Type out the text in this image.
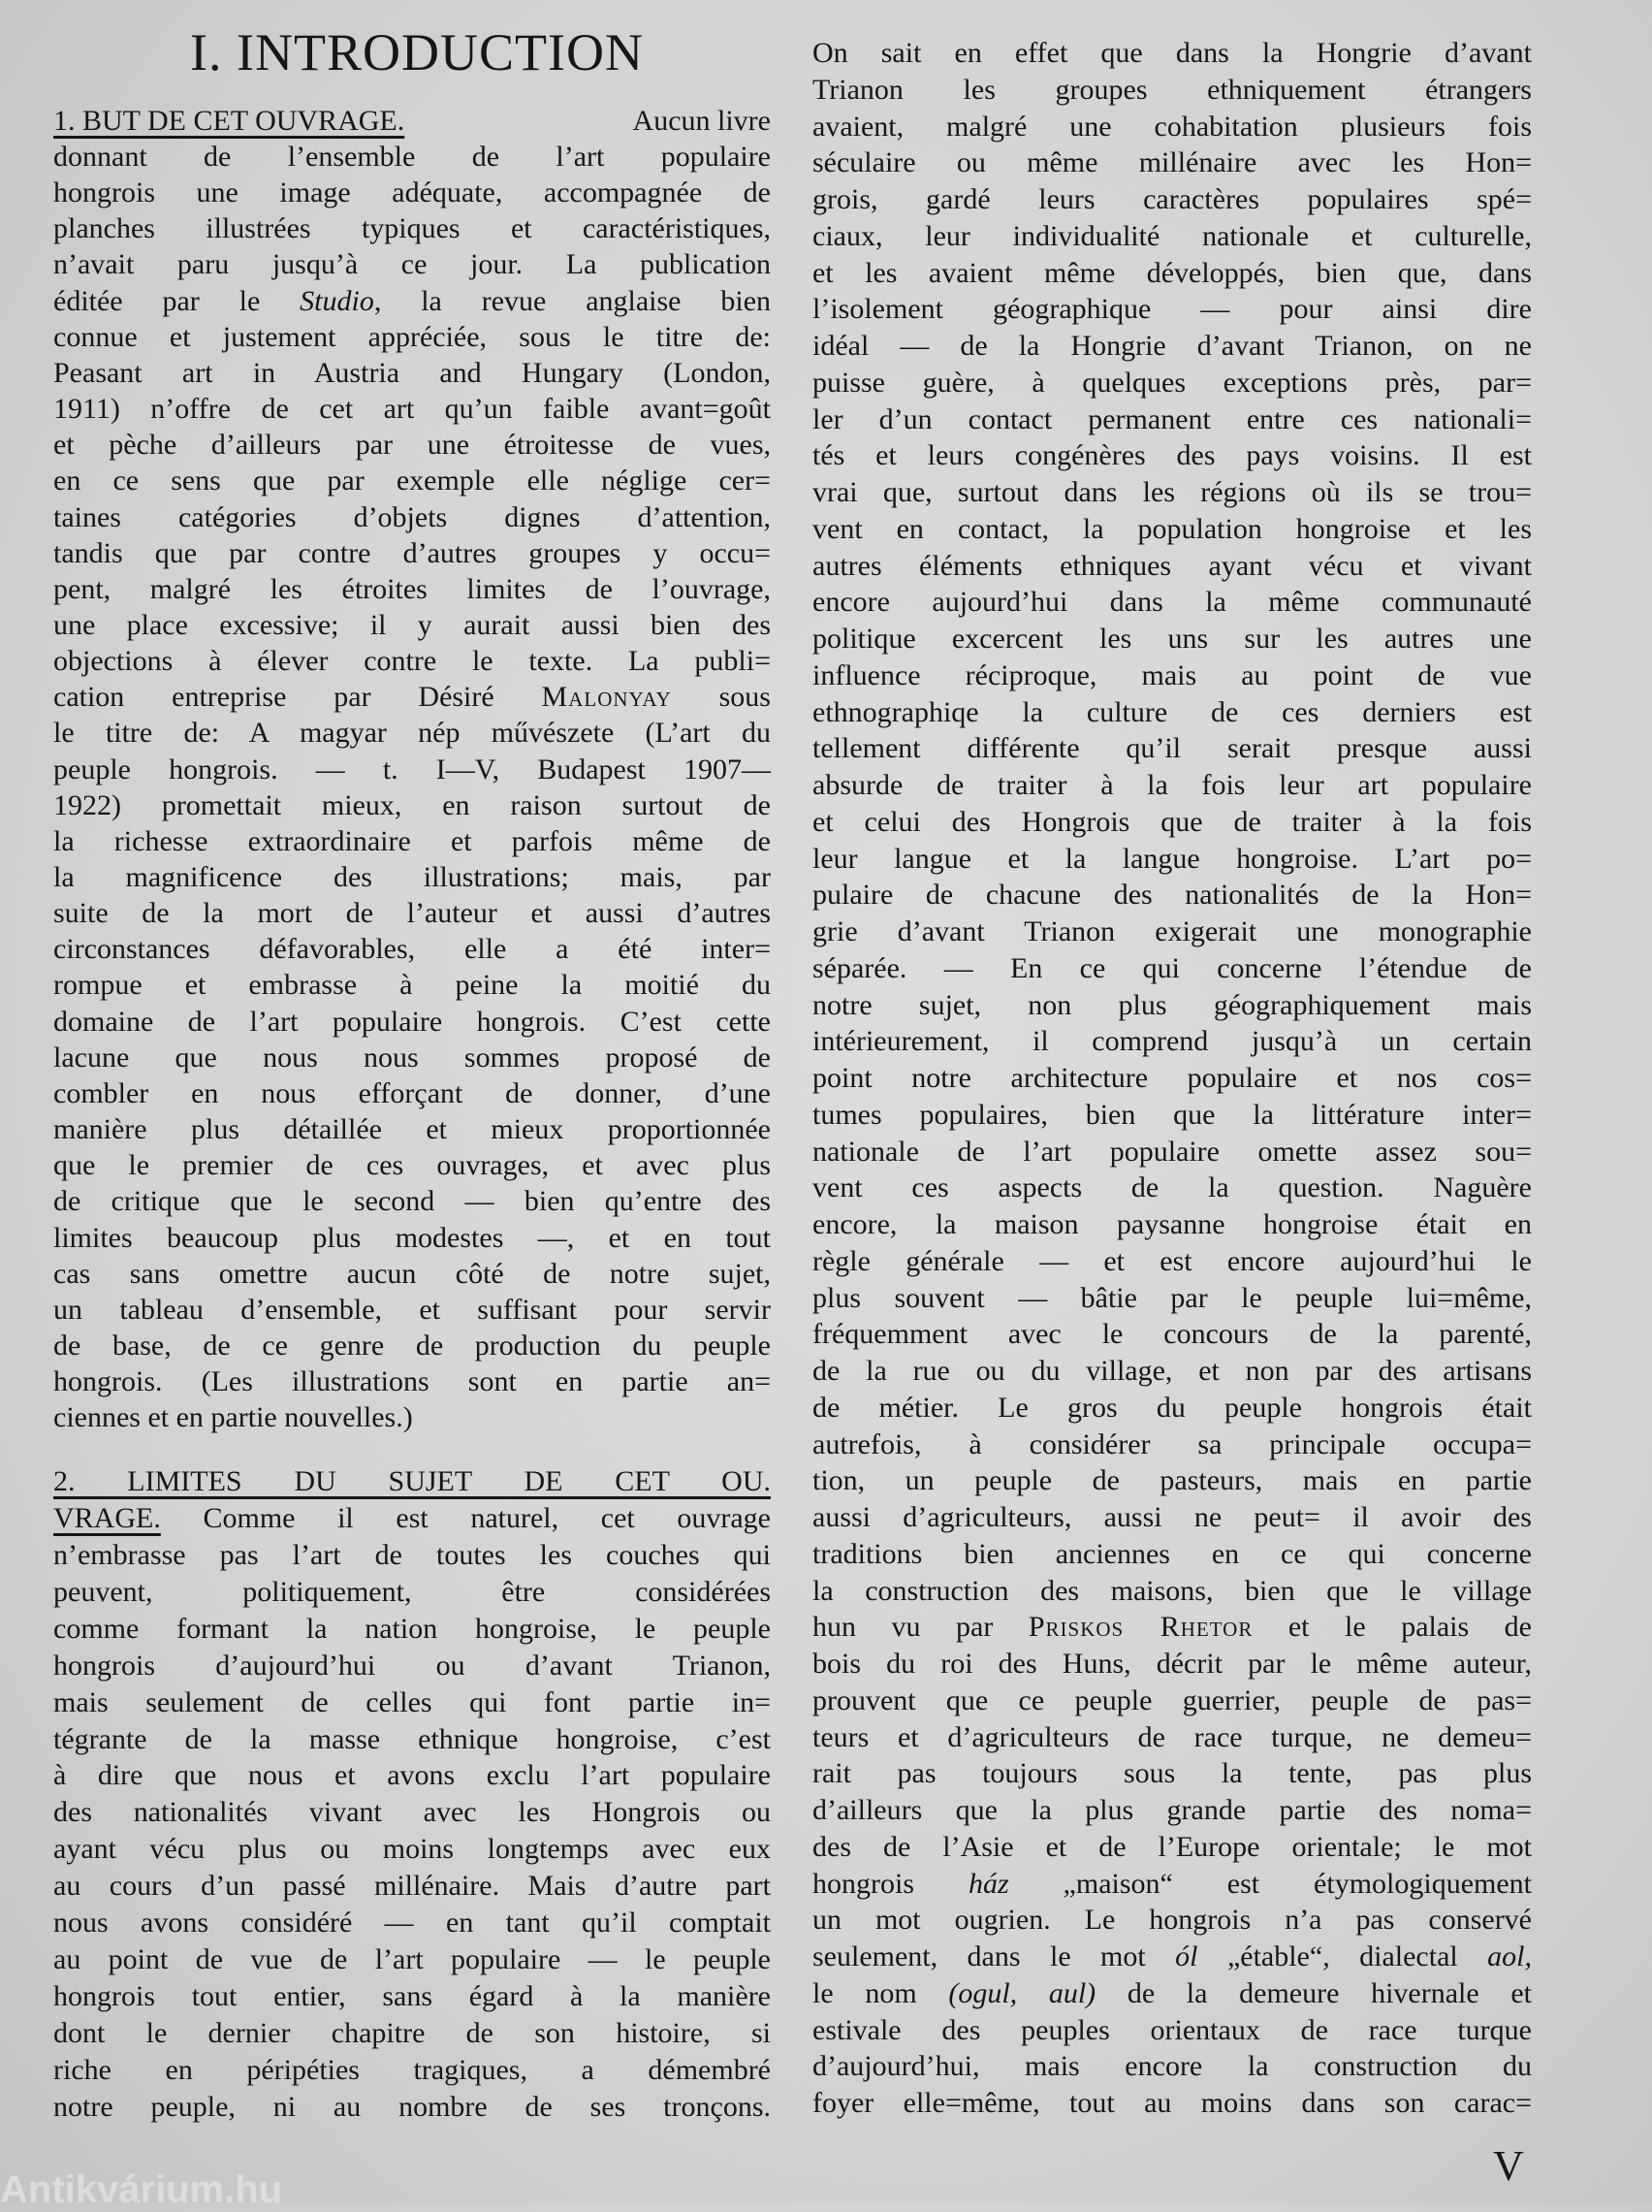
I. INTRODUCTION
1. BUT DE CET OUVRAGE.	Aucun livre
donnant de l’ensemble de l’art populaire
hongrois une image adéquate, accompagnée de
planches illustrées typiques et caractéristiques,
n’avait paru jusqu’à ce jour. La publication
éditée par le Studio, la revue anglaise bien
connue et justement appréciée, sous le titre de:
Peasant art in Austria and Hungary (London,
1911) n’offre de cet art qu’un faible avant=goût
et pèche d’ailleurs par une étroitesse de vues,
en ce sens que par exemple elle néglige cer=
taines catégories d’objets dignes d’attention,
tandis que par contre d’autres groupes y occu=
pent, malgré les étroites limites de l’ouvrage,
une place excessive; il y aurait aussi bien des
objections à élever contre le texte. La publi=
cation entreprise par Désiré Malonyay sous
le titre de: A magyar nép művészete (L’art du
peuple hongrois. — t. I—V, Budapest 1907—
1922) promettait mieux, en raison surtout de
la richesse extraordinaire et parfois même de
la magnificence des illustrations; mais, par
suite de la mort de l’auteur et aussi d’autres
circonstances défavorables, elle a été inter=
rompue et embrasse à peine la moitié du
domaine de l’art populaire hongrois. C’est cette
lacune que nous nous sommes proposé de
combler en nous efforçant de donner, d’une
manière plus détaillée et mieux proportionnée
que le premier de ces ouvrages, et avec plus
de critique que le second — bien qu’entre des
limites beaucoup plus modestes —, et en tout
cas sans omettre aucun côté de notre sujet,
un tableau d’ensemble, et suffisant pour servir
de base, de ce genre de production du peuple
hongrois. (Les illustrations sont en partie an=
ciennes et en partie nouvelles.)
2. LIMITES DU SUJET DE CET OU.
VRAGE. Comme il est naturel, cet ouvrage
n’embrasse pas l’art de toutes les couches qui
peuvent, politiquement, être considérées
comme formant la nation hongroise, le peuple
hongrois d’aujourd’hui ou d’avant Trianon,
mais seulement de celles qui font partie in=
tégrante de la masse ethnique hongroise, c’est
à dire que nous et avons exclu l’art populaire
des nationalités vivant avec les Hongrois ou
ayant vécu plus ou moins longtemps avec eux
au cours d’un passé millénaire. Mais d’autre part
nous avons considéré — en tant qu’il comptait
au point de vue de l’art populaire — le peuple
hongrois tout entier, sans égard à la manière
dont le dernier chapitre de son histoire, si
riche en péripéties tragiques, a démembré
notre peuple, ni au nombre de ses tronçons.
On sait en effet que dans la Hongrie d’avant
Trianon les groupes ethniquement étrangers
avaient, malgré une cohabitation plusieurs fois
séculaire ou même millénaire avec les Hon=
grois, gardé leurs caractères populaires spé=
ciaux, leur individualité nationale et culturelle,
et les avaient même développés, bien que, dans
l’isolement géographique — pour ainsi dire
idéal — de la Hongrie d’avant Trianon, on ne
puisse guère, à quelques exceptions près, par=
ler d’un contact permanent entre ces nationali=
tés et leurs congénères des pays voisins. Il est
vrai que, surtout dans les régions où ils se trou=
vent en contact, la population hongroise et les
autres éléments ethniques ayant vécu et vivant
encore aujourd’hui dans la même communauté
politique excercent les uns sur les autres une
influence réciproque, mais au point de vue
ethnographiqe la culture de ces derniers est
tellement différente qu’il serait presque aussi
absurde de traiter à la fois leur art populaire
et celui des Hongrois que de traiter à la fois
leur langue et la langue hongroise. L’art po=
pulaire de chacune des nationalités de la Hon=
grie d’avant Trianon exigerait une monographie
séparée. — En ce qui concerne l’étendue de
notre sujet, non plus géographiquement mais
intérieurement, il comprend jusqu’à un certain
point notre architecture populaire et nos cos=
tumes populaires, bien que la littérature inter=
nationale de l’art populaire omette assez sou=
vent ces aspects de la question. Naguère
encore, la maison paysanne hongroise était en
règle générale — et est encore aujourd’hui le
plus souvent — bâtie par le peuple lui=même,
fréquemment avec le concours de la parenté,
de la rue ou du village, et non par des artisans
de métier. Le gros du peuple hongrois était
autrefois, à considérer sa principale occupa=
tion, un peuple de pasteurs, mais en partie
aussi d’agriculteurs, aussi ne peut= il avoir des
traditions bien anciennes en ce qui concerne
la construction des maisons, bien que le village
hun vu par Priskos Rhetor et le palais de
bois du roi des Huns, décrit par le même auteur,
prouvent que ce peuple guerrier, peuple de pas=
teurs et d’agriculteurs de race turque, ne demeu=
rait pas toujours sous la tente, pas plus
d’ailleurs que la plus grande partie des noma=
des de l’Asie et de l’Europe orientale; le mot
hongrois ház „maison“ est étymologiquement
un mot ougrien. Le hongrois n’a pas conservé
seulement, dans le mot ól „étable“, dialectal aol,
le nom (ogul, aul) de la demeure hivernale et
estivale des peuples orientaux de race turque
d’aujourd’hui, mais encore la construction du
foyer elle=même, tout au moins dans son carac=
V
Antikvárium.hu
